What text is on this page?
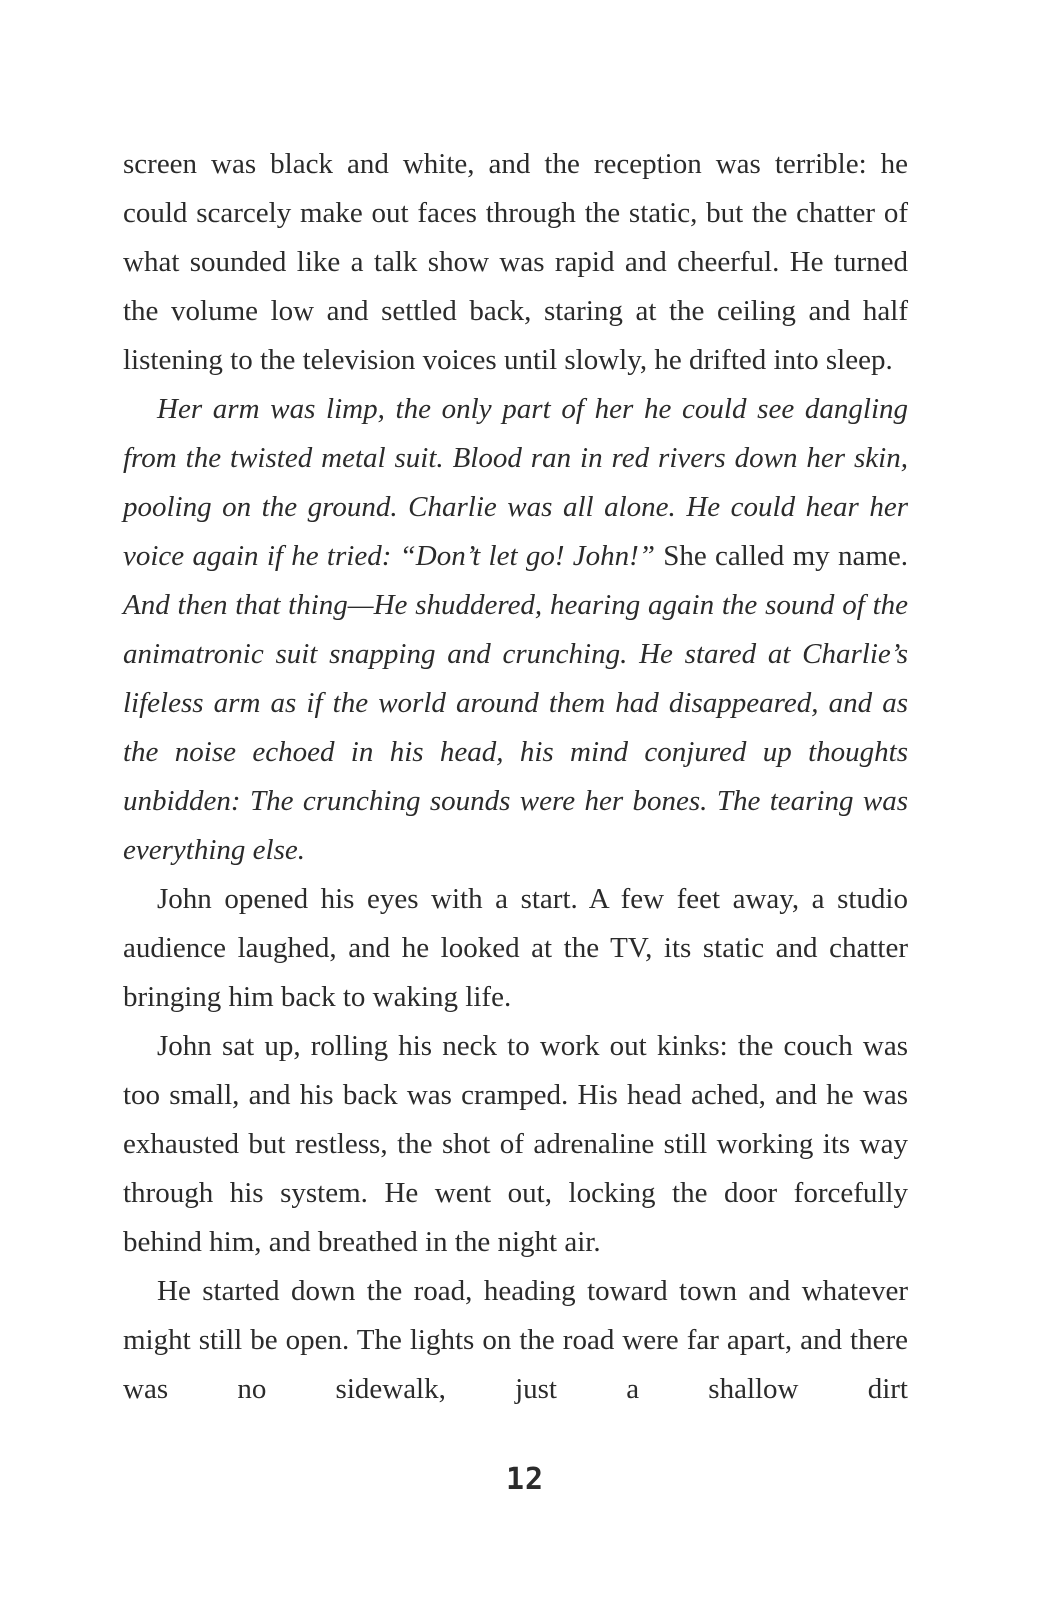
screen was black and white, and the reception was terrible: he could scarcely make out faces through the static, but the chatter of what sounded like a talk show was rapid and cheerful. He turned the volume low and settled back, staring at the ceiling and half listening to the television voices until slowly, he drifted into sleep.

Her arm was limp, the only part of her he could see dangling from the twisted metal suit. Blood ran in red rivers down her skin, pooling on the ground. Charlie was all alone. He could hear her voice again if he tried: “Don’t let go! John!” She called my name. And then that thing—He shuddered, hearing again the sound of the animatronic suit snapping and crunching. He stared at Charlie’s lifeless arm as if the world around them had disappeared, and as the noise echoed in his head, his mind conjured up thoughts unbidden: The crunching sounds were her bones. The tearing was everything else.

John opened his eyes with a start. A few feet away, a studio audience laughed, and he looked at the TV, its static and chatter bringing him back to waking life.

John sat up, rolling his neck to work out kinks: the couch was too small, and his back was cramped. His head ached, and he was exhausted but restless, the shot of adrenaline still working its way through his system. He went out, locking the door forcefully behind him, and breathed in the night air.

He started down the road, heading toward town and whatever might still be open. The lights on the road were far apart, and there was no sidewalk, just a shallow dirt

12
